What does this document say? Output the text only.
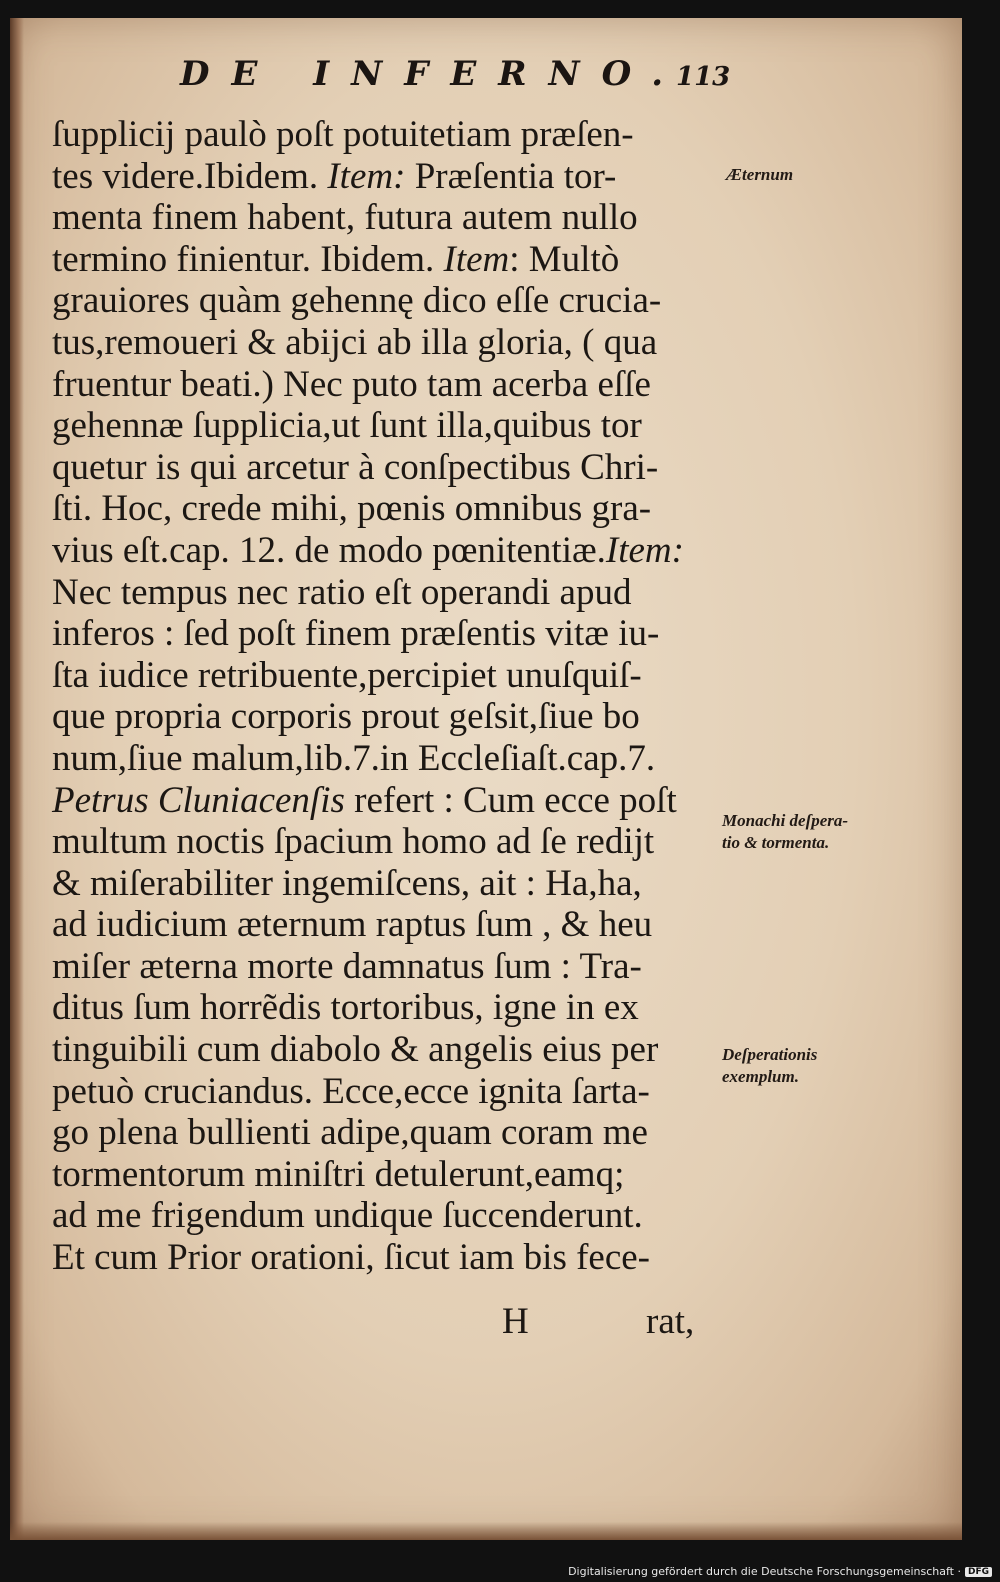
DE INFERNO.
113
ſupplicij paulò poſt potuitetiam præſen-
tes videre.Ibidem. Item: Præſentia tor-
menta finem habent, futura autem nullo
termino finientur. Ibidem. Item: Multò
grauiores quàm gehennę dico eſſe crucia-
tus,remoueri & abijci ab illa gloria, ( qua
fruentur beati.) Nec puto tam acerba eſſe
gehennæ ſupplicia,ut ſunt illa,quibus tor
quetur is qui arcetur à conſpectibus Chri-
ſti. Hoc, crede mihi, pœnis omnibus gra-
vius eſt.cap. 12. de modo pœnitentiæ.Item:
Nec tempus nec ratio eſt operandi apud
inferos : ſed poſt finem præſentis vitæ iu-
ſta iudice retribuente,percipiet unuſquiſ-
que propria corporis prout geſsit,ſiue bo
num,ſiue malum,lib.7.in Eccleſiaſt.cap.7.
Petrus Cluniacenſis refert : Cum ecce poſt
multum noctis ſpacium homo ad ſe redijt
& miſerabiliter ingemiſcens, ait : Ha,ha,
ad iudicium æternum raptus ſum , & heu
miſer æterna morte damnatus ſum : Tra-
ditus ſum horrẽdis tortoribus, igne in ex
tinguibili cum diabolo & angelis eius per
petuò cruciandus. Ecce,ecce ignita ſarta-
go plena bullienti adipe,quam coram me
tormentorum miniſtri detulerunt,eamq;
ad me frigendum undique ſuccenderunt.
Et cum Prior orationi, ſicut iam bis fece-
Æternum
Monachi deſpera-
tio & tormenta.
Deſperationis
exemplum.
H	rat,
Digitalisierung gefördert durch die Deutsche Forschungsgemeinschaft · DFG
